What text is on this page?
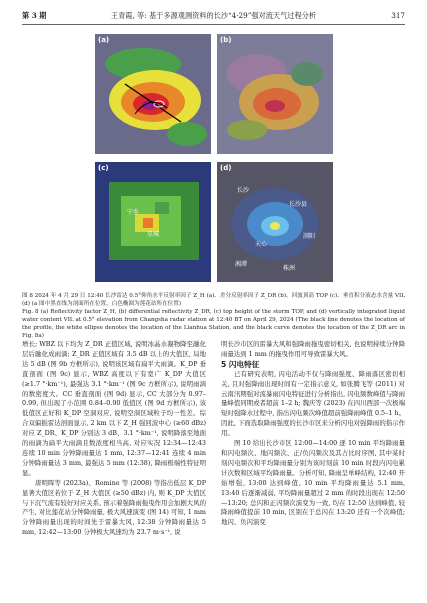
第 3 期	王青霞, 等: 基于多源观测资料的长沙“4·29”强对流天气过程分析	317
(a)	(b)
(c)
宁乡
星城
(d)
长沙
长沙县
天心
浏阳
湘潭
株洲
图 8 2024 年 4 月 29 日 12:40 长沙雷达 0.5°仰角水平反射率因子 Z_H (a)、差分反射率因子 Z_DR (b)、回波顶高 TOP (c)、垂直积分液态水含量 VIL (d) (a 图中黑直线为剖面所在位置，白色椭圆为莲花站所在位置)
Fig. 8 (a) Reflectivity factor Z_H, (b) differential reflectivity Z_DR, (c) top height of the storm TOP, and (d) vertically integrated liquid water content VIL at 0.5° elevation from Changsha radar station at 12:40 BT on April 29, 2024 (The black line denotes the location of the profile, the white ellipse denotes the location of the Lianhua Station, and the black curve denotes the location of the Z_DR arc in Fig. 8a)

增长; WBZ 以下均为 Z_DR 正值区域, 说明冰晶水凝物降至融化层后融化成雨滴; Z_DR 正值区域有 3.5 dB 以上的大值区, 局地达 5 dB (图 9b 方框所示), 说明该区域有扁平大雨滴。K_DP 垂直剖面 (图 9c) 显示, WBZ 高度以下有宽广 K_DP 大值区 (≥1.7 °·km⁻¹), 最强达 3.1 °·km⁻¹ (图 9c 方框所示), 说明雨滴的数密度大。CC 垂直剖面 (图 9d) 显示, CC 大部分为 0.97–0.99, 但出现了小范围 0.84–0.90 低值区 (图 9d 方框所示), 该低值区正好和 K_DP 空洞对应, 说明空洞区域粒子均一性差。综合双偏振雷达剖面显示, 2 km 以下 Z_H 强回波中心 (≥60 dBz) 对应 Z_DR、K_DP 分别达 3 dB、3.1 °·km⁻¹, 说明降落至地面的雨滴为扁平大雨滴且数浓度相当高, 对应实况 12:34—12:43 连续 10 min 分钟降雨量达 1 mm, 12:37—12:41 连续 4 min 分钟降雨量达 3 mm, 最强达 5 mm (12:38), 降雨极端性特征明显。

唐明晖等 (2023a)、Romine 等 (2008) 等指出低层 K_DP 显著大值区若位于 Z_H 大值区 (≥50 dBz) 内, 则 K_DP 大值区与下沉气流有较好对应关系, 预示着强降雨拖曳作用会加剧大风的产生, 对比莲花站分钟降雨量, 极大风速演变 (图 14) 可知, 1 mm 分钟降雨量出现的时间先于雷暴大风, 12:38 分钟降雨量达 5 mm, 12:42—13:00 分钟极大风速均为 23.7 m·s⁻¹, 说

明长沙市区的雷暴大风和强降雨拖曳密切相关, 也说明持续分钟降雨量达到 1 mm 的拖曳作用可导致雷暴大风。

5 闪电特征

已有研究表明, 闪电活动不仅与降雨强度、降雨落区密切相关, 且对强降雨出现时间有一定指示意义, 如张腾飞等 (2011) 对云南汛期强对流暴雨闪电特征进行分析指出, 闪电频数峰值与降雨量峰值同期或者超前 1–2 h; 魏庆等 (2023) 在四川西部一次极端短时强降水过程中, 指出闪电频次峰值超前强降雨峰值 0.5–1 h。因此, 下面选取降雨强度的长沙市区来分析闪电对强降雨的指示作用。

图 10 给出长沙市区 12:00—14:00 逐 10 min 平均降雨量和闪电频次、地闪频次、正/负闪频次及其占比时序图, 其中某时刻闪电频次和平均降雨量分别为该时刻前 10 min 时段内闪电累计次数和区域平均降雨量。分析可知, 降雨呈单峰结构, 12:40 开始增强, 13:00 达到峰值, 10 min 平均降雨量达 5.1 mm, 13:40 后逐渐减弱, 平均降雨量超过 2 mm 的时段出现在 12:50—13:20; 总闪和正闪频次演变为一致, 均在 12:50 达到峰值, 较降雨峰值提前 10 min, 区别在于总闪在 13:20 还有一个次峰值; 地闪、负闪演变
